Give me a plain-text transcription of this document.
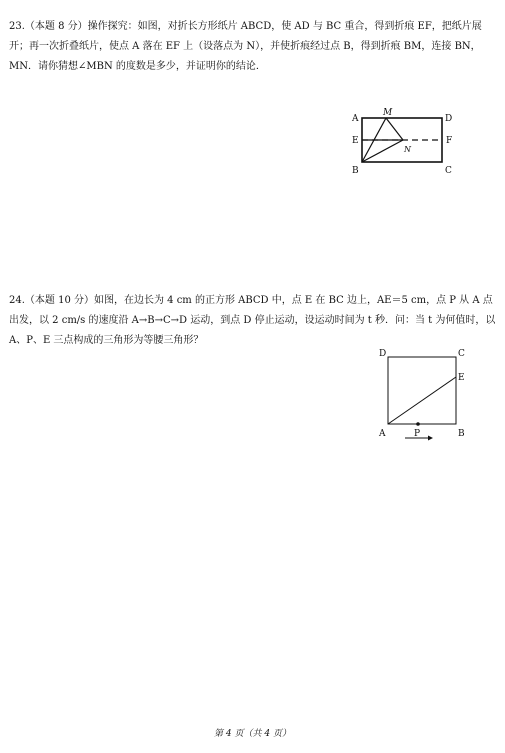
23.（本题 8 分）操作探究：如图，对折长方形纸片 ABCD，使 AD 与 BC 重合，得到折痕 EF，把纸片展开；再一次折叠纸片，使点 A 落在 EF 上（设落点为 N），并使折痕经过点 B，得到折痕 BM，连接 BN，MN．请你猜想∠MBN 的度数是多少，并证明你的结论．

A
M
D
E	F
N
B	C

24.（本题 10 分）如图，在边长为 4 cm 的正方形 ABCD 中，点 E 在 BC 边上，AE＝5 cm，点 P 从 A 点出发，以 2 cm/s 的速度沿 A→B→C→D 运动，到点 D 停止运动，设运动时间为 t 秒．问：当 t 为何值时，以 A、P、E 三点构成的三角形为等腰三角形？

D	C
E
A	P	B
第 4 页（共 4 页）
